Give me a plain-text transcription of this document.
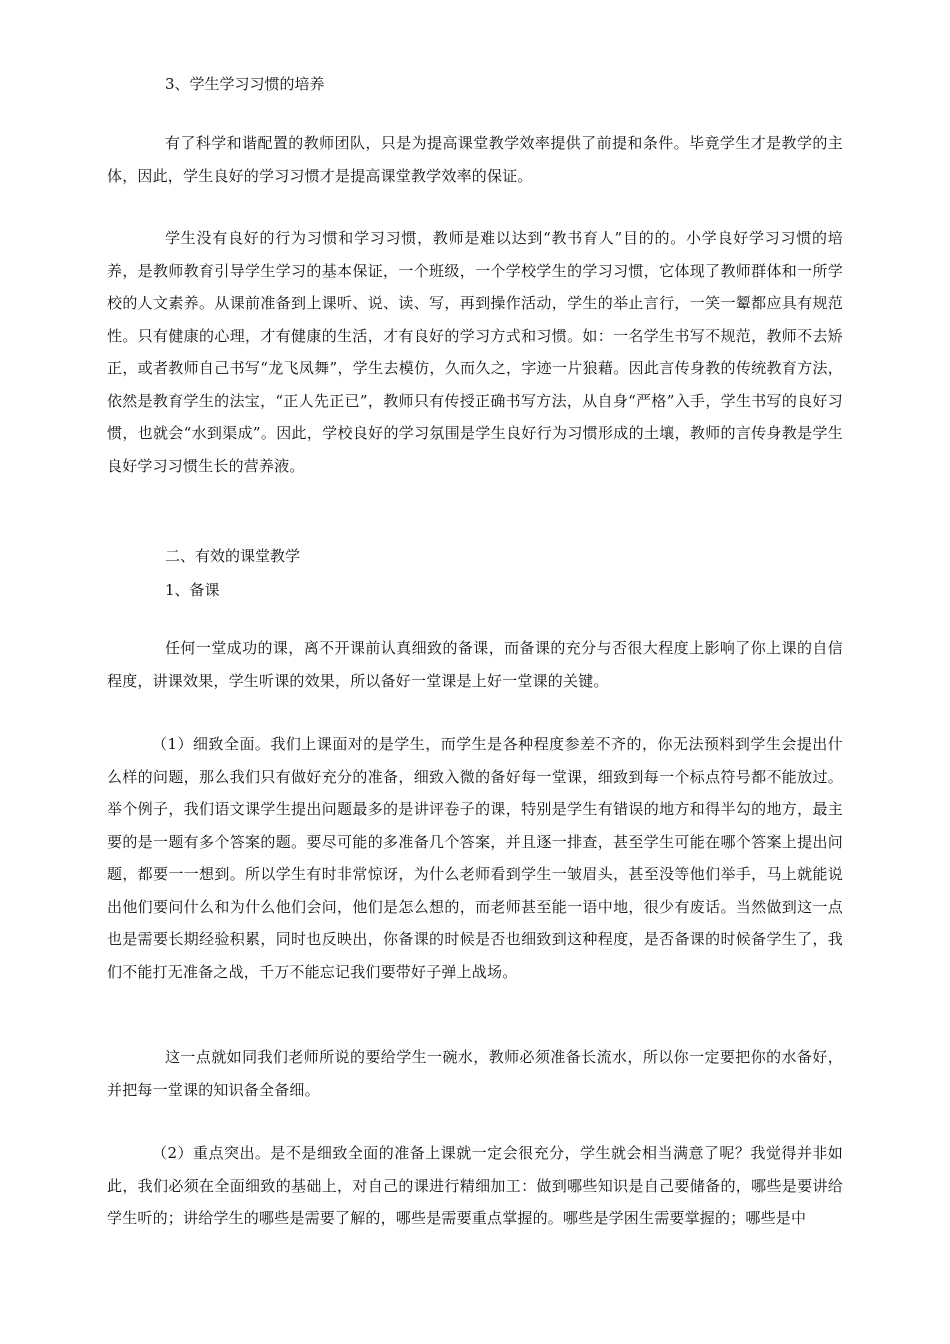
3、学生学习习惯的培养

有了科学和谐配置的教师团队，只是为提高课堂教学效率提供了前提和条件。毕竟学生才是教学的主体，因此，学生良好的学习习惯才是提高课堂教学效率的保证。

学生没有良好的行为习惯和学习习惯，教师是难以达到“教书育人”目的的。小学良好学习习惯的培养，是教师教育引导学生学习的基本保证，一个班级，一个学校学生的学习习惯，它体现了教师群体和一所学校的人文素养。从课前准备到上课听、说、读、写，再到操作活动，学生的举止言行，一笑一颦都应具有规范性。只有健康的心理，才有健康的生活，才有良好的学习方式和习惯。如：一名学生书写不规范，教师不去矫正，或者教师自己书写“龙飞凤舞”，学生去模仿，久而久之，字迹一片狼藉。因此言传身教的传统教育方法，依然是教育学生的法宝，“正人先正已”，教师只有传授正确书写方法，从自身“严格”入手，学生书写的良好习惯，也就会“水到渠成”。因此，学校良好的学习氛围是学生良好行为习惯形成的土壤，教师的言传身教是学生良好学习习惯生长的营养液。

二、有效的课堂教学

1、备课

任何一堂成功的课，离不开课前认真细致的备课，而备课的充分与否很大程度上影响了你上课的自信程度，讲课效果，学生听课的效果，所以备好一堂课是上好一堂课的关键。

（1）细致全面。我们上课面对的是学生，而学生是各种程度参差不齐的，你无法预料到学生会提出什么样的问题，那么我们只有做好充分的准备，细致入微的备好每一堂课，细致到每一个标点符号都不能放过。举个例子，我们语文课学生提出问题最多的是讲评卷子的课，特别是学生有错误的地方和得半勾的地方，最主要的是一题有多个答案的题。要尽可能的多准备几个答案，并且逐一排查，甚至学生可能在哪个答案上提出问题，都要一一想到。所以学生有时非常惊讶，为什么老师看到学生一皱眉头，甚至没等他们举手，马上就能说出他们要问什么和为什么他们会问，他们是怎么想的，而老师甚至能一语中地，很少有废话。当然做到这一点也是需要长期经验积累，同时也反映出，你备课的时候是否也细致到这种程度，是否备课的时候备学生了，我们不能打无准备之战，千万不能忘记我们要带好子弹上战场。

这一点就如同我们老师所说的要给学生一碗水，教师必须准备长流水，所以你一定要把你的水备好，并把每一堂课的知识备全备细。

（2）重点突出。是不是细致全面的准备上课就一定会很充分，学生就会相当满意了呢？我觉得并非如此，我们必须在全面细致的基础上，对自己的课进行精细加工：做到哪些知识是自己要储备的，哪些是要讲给学生听的；讲给学生的哪些是需要了解的，哪些是需要重点掌握的。哪些是学困生需要掌握的；哪些是中
